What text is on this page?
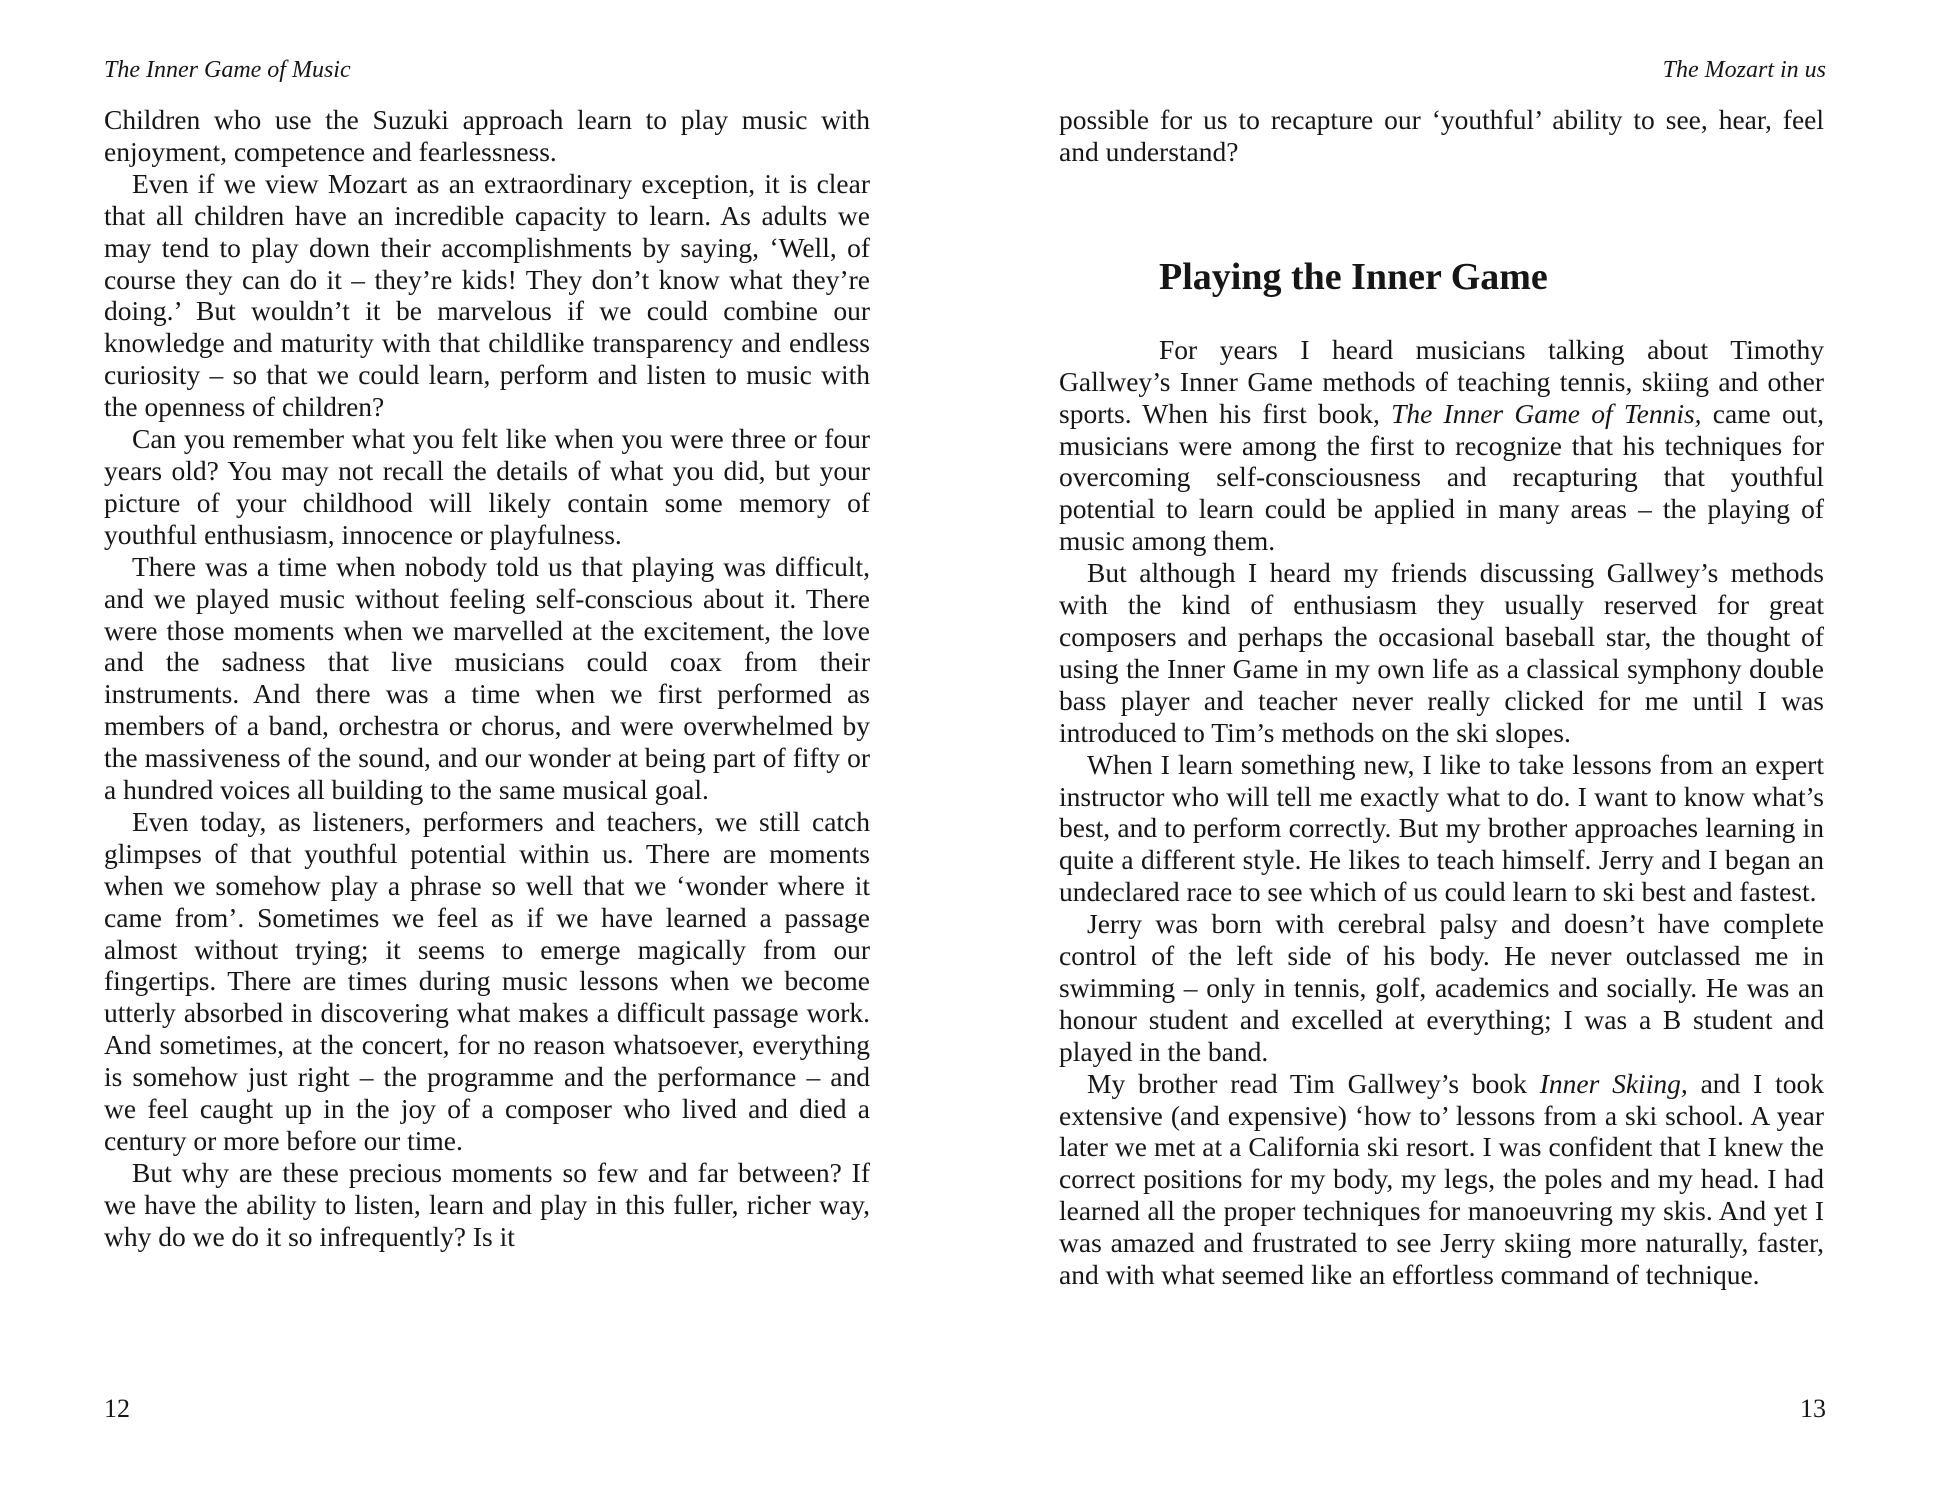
The Inner Game of Music

Children who use the Suzuki approach learn to play music with enjoyment, competence and fearlessness.

Even if we view Mozart as an extraordinary exception, it is clear that all children have an incredible capacity to learn. As adults we may tend to play down their accomplishments by saying, ‘Well, of course they can do it – they’re kids! They don’t know what they’re doing.’ But wouldn’t it be marvelous if we could combine our knowledge and maturity with that childlike transparency and endless curiosity – so that we could learn, perform and listen to music with the openness of children?

Can you remember what you felt like when you were three or four years old? You may not recall the details of what you did, but your picture of your childhood will likely contain some memory of youthful enthusiasm, innocence or playfulness.

There was a time when nobody told us that playing was difficult, and we played music without feeling self-conscious about it. There were those moments when we marvelled at the excitement, the love and the sadness that live musicians could coax from their instruments. And there was a time when we first performed as members of a band, orchestra or chorus, and were overwhelmed by the massiveness of the sound, and our wonder at being part of fifty or a hundred voices all building to the same musical goal.

Even today, as listeners, performers and teachers, we still catch glimpses of that youthful potential within us. There are moments when we somehow play a phrase so well that we ‘wonder where it came from’. Sometimes we feel as if we have learned a passage almost without trying; it seems to emerge magically from our fingertips. There are times during music lessons when we become utterly absorbed in discovering what makes a difficult passage work. And sometimes, at the concert, for no reason whatsoever, everything is somehow just right – the programme and the performance – and we feel caught up in the joy of a composer who lived and died a century or more before our time.

But why are these precious moments so few and far between? If we have the ability to listen, learn and play in this fuller, richer way, why do we do it so infrequently? Is it

12
The Mozart in us

possible for us to recapture our ‘youthful’ ability to see, hear, feel and understand?

Playing the Inner Game

For years I heard musicians talking about Timothy Gallwey’s Inner Game methods of teaching tennis, skiing and other sports. When his first book, The Inner Game of Tennis, came out, musicians were among the first to recognize that his techniques for overcoming self-consciousness and recapturing that youthful potential to learn could be applied in many areas – the playing of music among them.

But although I heard my friends discussing Gallwey’s methods with the kind of enthusiasm they usually reserved for great composers and perhaps the occasional baseball star, the thought of using the Inner Game in my own life as a classical symphony double bass player and teacher never really clicked for me until I was introduced to Tim’s methods on the ski slopes.

When I learn something new, I like to take lessons from an expert instructor who will tell me exactly what to do. I want to know what’s best, and to perform correctly. But my brother approaches learning in quite a different style. He likes to teach himself. Jerry and I began an undeclared race to see which of us could learn to ski best and fastest.

Jerry was born with cerebral palsy and doesn’t have complete control of the left side of his body. He never outclassed me in swimming – only in tennis, golf, academics and socially. He was an honour student and excelled at everything; I was a B student and played in the band.

My brother read Tim Gallwey’s book Inner Skiing, and I took extensive (and expensive) ‘how to’ lessons from a ski school. A year later we met at a California ski resort. I was confident that I knew the correct positions for my body, my legs, the poles and my head. I had learned all the proper techniques for manoeuvring my skis. And yet I was amazed and frustrated to see Jerry skiing more naturally, faster, and with what seemed like an effortless command of technique.

13
